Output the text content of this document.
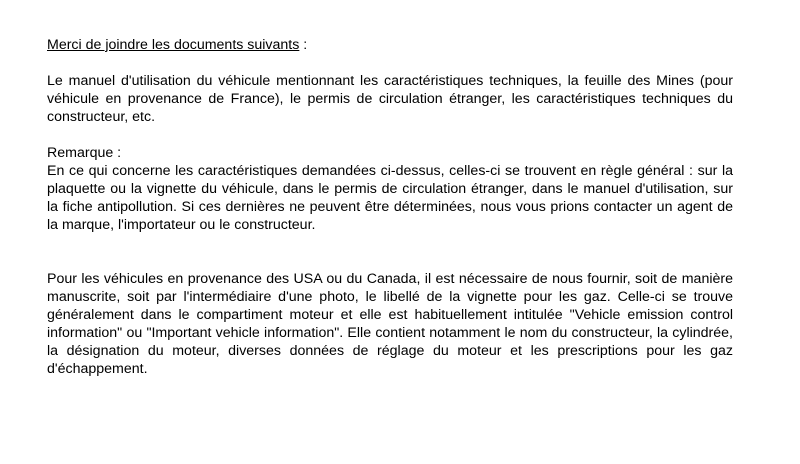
Merci de joindre les documents suivants :

Le manuel d'utilisation du véhicule mentionnant les caractéristiques techniques, la feuille des Mines (pour véhicule en provenance de France), le permis de circulation étranger, les caractéristiques techniques du constructeur, etc.

Remarque :
En ce qui concerne les caractéristiques demandées ci-dessus, celles-ci se trouvent en règle général : sur la plaquette ou la vignette du véhicule, dans le permis de circulation étranger, dans le manuel d'utilisation, sur la fiche antipollution. Si ces dernières ne peuvent être déterminées, nous vous prions contacter un agent de la marque, l'importateur ou le constructeur.

Pour les véhicules en provenance des USA ou du Canada, il est nécessaire de nous fournir, soit de manière manuscrite, soit par l'intermédiaire d'une photo, le libellé de la vignette pour les gaz. Celle-ci se trouve généralement dans le compartiment moteur et elle est habituellement intitulée "Vehicle emission control information" ou "Important vehicle information". Elle contient notamment le nom du constructeur, la cylindrée, la désignation du moteur, diverses données de réglage du moteur et les prescriptions pour les gaz d'échappement.
